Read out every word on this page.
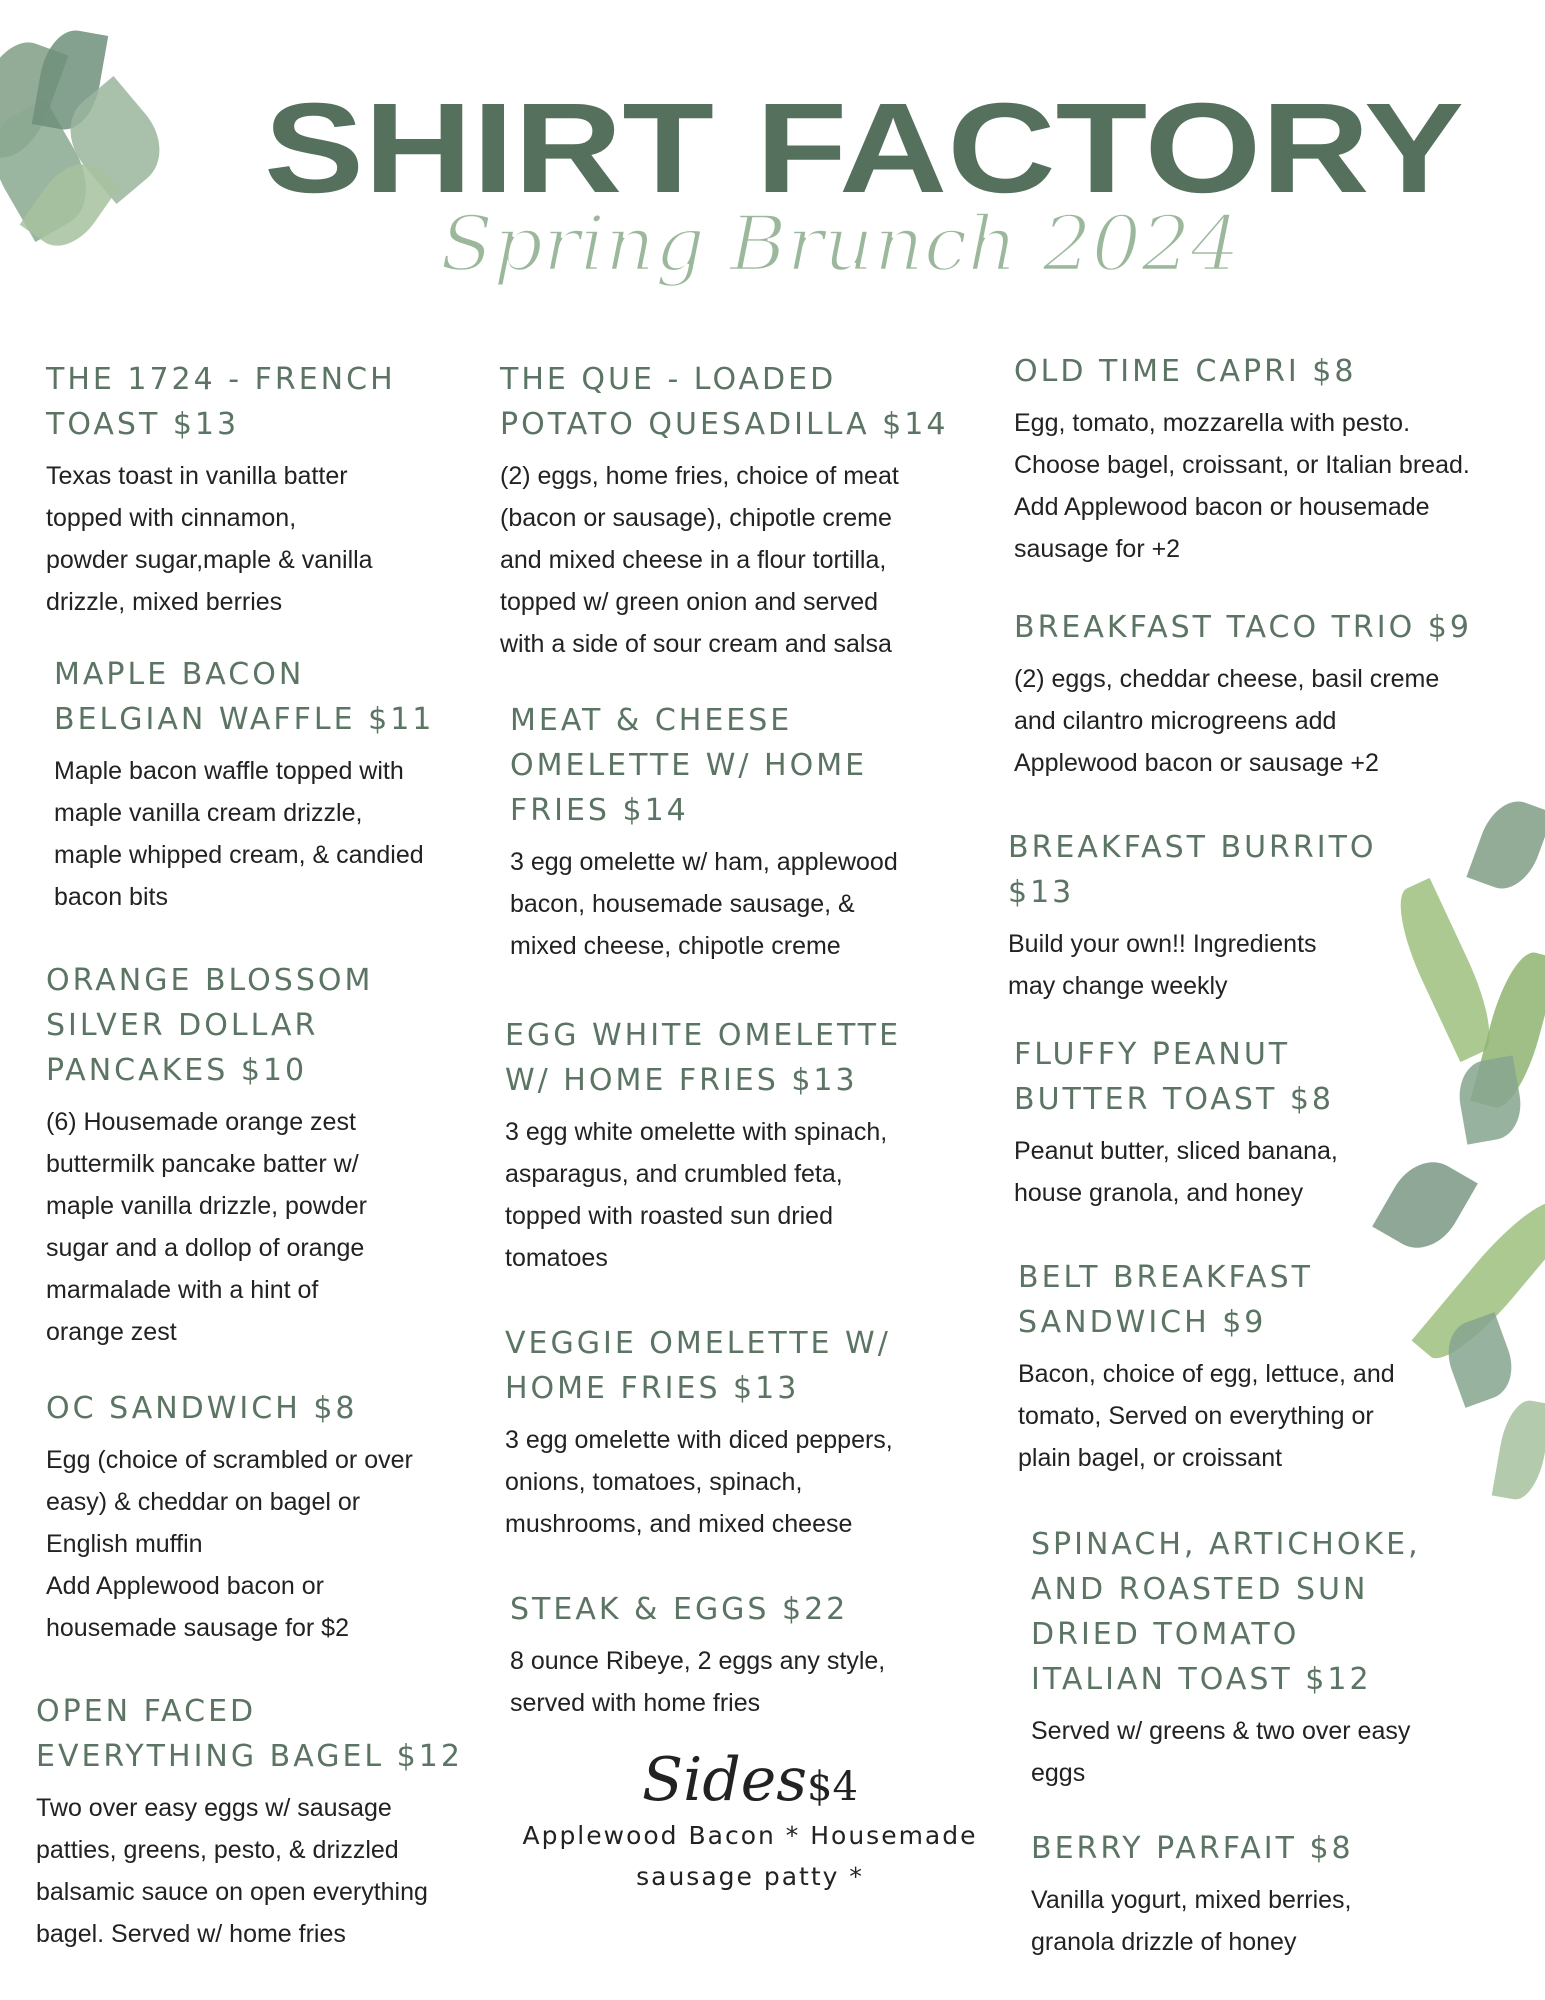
SHIRT FACTORY
Spring Brunch 2024
THE 1724 - FRENCH
TOAST $13
Texas toast in vanilla batter
topped with cinnamon,
powder sugar,maple & vanilla
drizzle, mixed berries
MAPLE BACON
BELGIAN WAFFLE $11
Maple bacon waffle topped with
maple vanilla cream drizzle,
maple whipped cream, & candied
bacon bits
ORANGE BLOSSOM
SILVER DOLLAR
PANCAKES $10
(6) Housemade orange zest
buttermilk pancake batter w/
maple vanilla drizzle, powder
sugar and a dollop of orange
marmalade with a hint of
orange zest
OC SANDWICH $8
Egg (choice of scrambled or over
easy) & cheddar on bagel or
English muffin
Add Applewood bacon or
housemade sausage for $2
OPEN FACED
EVERYTHING BAGEL $12
Two over easy eggs w/ sausage
patties, greens, pesto, & drizzled
balsamic sauce on open everything
bagel. Served w/ home fries
THE QUE - LOADED
POTATO QUESADILLA $14
(2) eggs, home fries, choice of meat
(bacon or sausage), chipotle creme
and mixed cheese in a flour tortilla,
topped w/ green onion and served
with a side of sour cream and salsa
MEAT & CHEESE
OMELETTE W/ HOME
FRIES $14
3 egg omelette w/ ham, applewood
bacon, housemade sausage, &
mixed cheese, chipotle creme
EGG WHITE OMELETTE
W/ HOME FRIES $13
3 egg white omelette with spinach,
asparagus, and crumbled feta,
topped with roasted sun dried
tomatoes
VEGGIE OMELETTE W/
HOME FRIES $13
3 egg omelette with diced peppers,
onions, tomatoes, spinach,
mushrooms, and mixed cheese
STEAK & EGGS $22
8 ounce Ribeye, 2 eggs any style,
served with home fries
OLD TIME CAPRI $8
Egg, tomato, mozzarella with pesto.
Choose bagel, croissant, or Italian bread.
Add Applewood bacon or housemade
sausage for +2
BREAKFAST TACO TRIO $9
(2) eggs, cheddar cheese, basil creme
and cilantro microgreens add
Applewood bacon or sausage +2
BREAKFAST BURRITO
$13
Build your own!! Ingredients
may change weekly
FLUFFY PEANUT
BUTTER TOAST $8
Peanut butter, sliced banana,
house granola, and honey
BELT BREAKFAST
SANDWICH $9
Bacon, choice of egg, lettuce, and
tomato, Served on everything or
plain bagel, or croissant
SPINACH, ARTICHOKE,
AND ROASTED SUN
DRIED TOMATO
ITALIAN TOAST $12
Served w/ greens & two over easy
eggs
BERRY PARFAIT $8
Vanilla yogurt, mixed berries,
granola drizzle of honey
Sides$4
Applewood Bacon * Housemade
sausage patty *
